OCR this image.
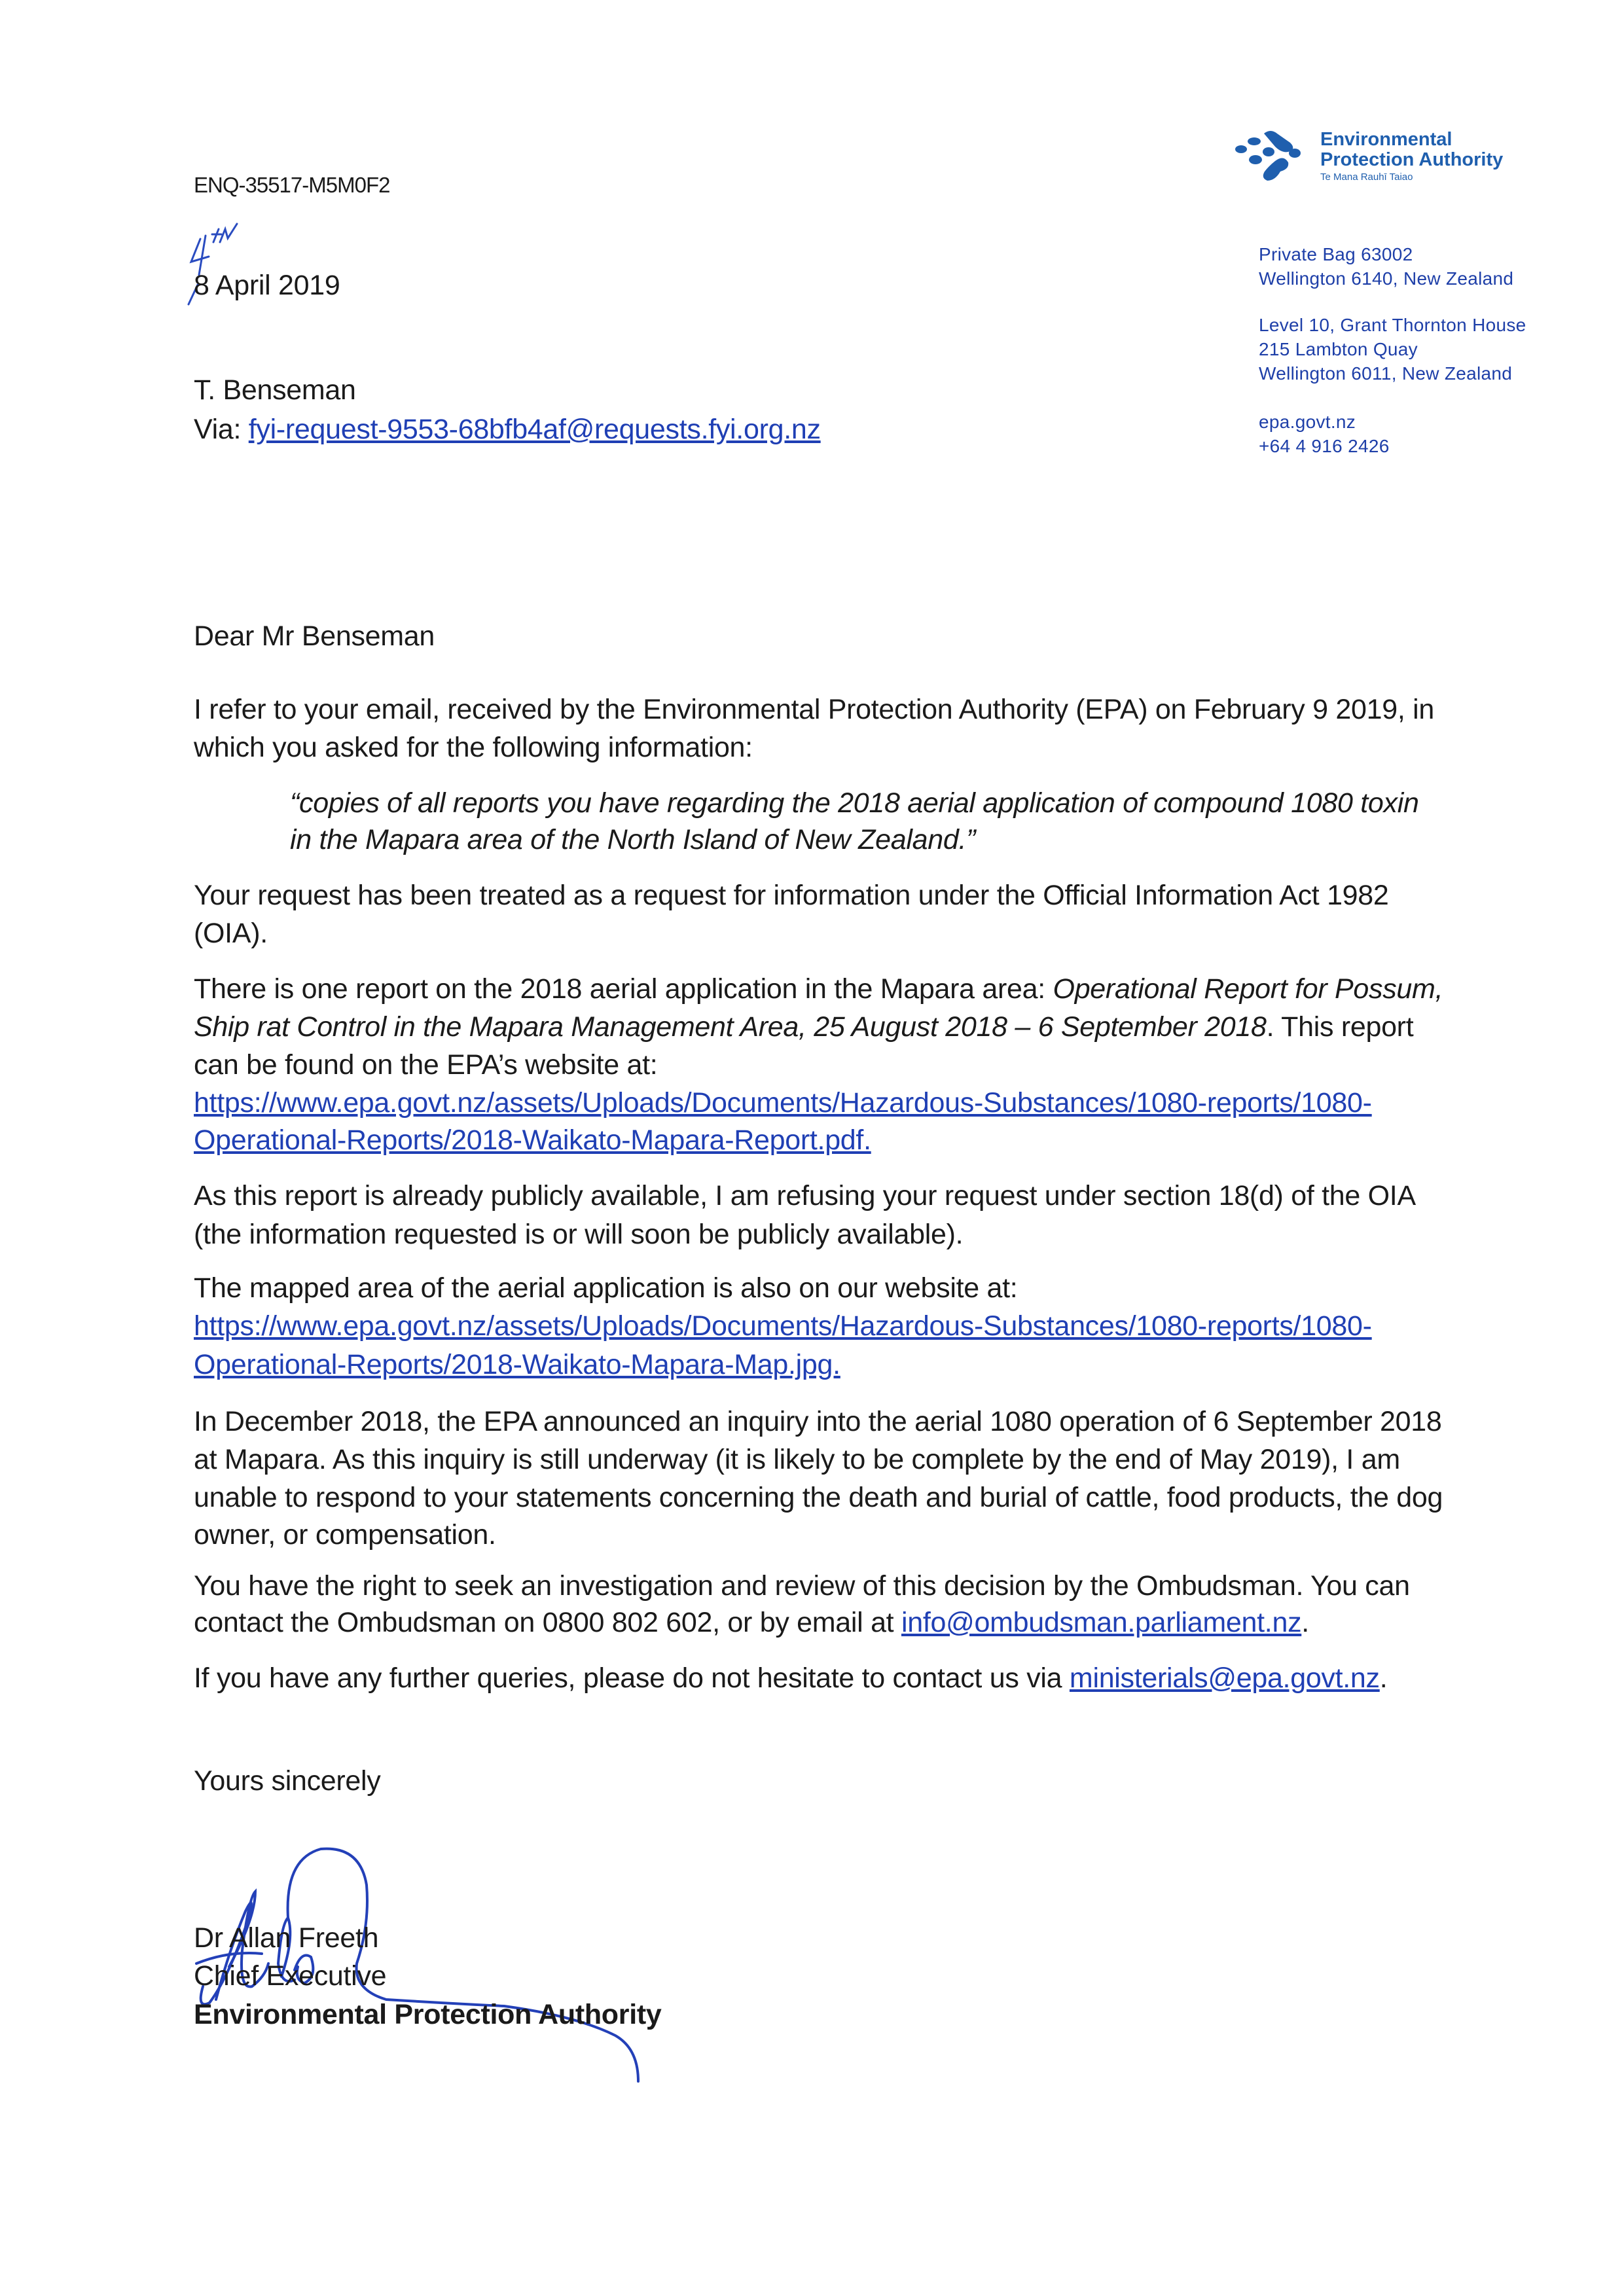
Environmental
Protection Authority
Te Mana Rauhī Taiao
Private Bag 63002
Wellington 6140, New Zealand
Level 10, Grant Thornton House
215 Lambton Quay
Wellington 6011, New Zealand
epa.govt.nz
+64 4 916 2426
ENQ-35517-M5M0F2
8 April 2019
T. Benseman
Via: fyi-request-9553-68bfb4af@requests.fyi.org.nz
Dear Mr Benseman
I refer to your email, received by the Environmental Protection Authority (EPA) on February 9 2019, in
which you asked for the following information:
“copies of all reports you have regarding the 2018 aerial application of compound 1080 toxin
in the Mapara area of the North Island of New Zealand.”
Your request has been treated as a request for information under the Official Information Act 1982
(OIA).
There is one report on the 2018 aerial application in the Mapara area: Operational Report for Possum,
Ship rat Control in the Mapara Management Area, 25 August 2018 – 6 September 2018. This report
can be found on the EPA’s website at:
https://www.epa.govt.nz/assets/Uploads/Documents/Hazardous-Substances/1080-reports/1080-
Operational-Reports/2018-Waikato-Mapara-Report.pdf.
As this report is already publicly available, I am refusing your request under section 18(d) of the OIA
(the information requested is or will soon be publicly available).
The mapped area of the aerial application is also on our website at:
https://www.epa.govt.nz/assets/Uploads/Documents/Hazardous-Substances/1080-reports/1080-
Operational-Reports/2018-Waikato-Mapara-Map.jpg.
In December 2018, the EPA announced an inquiry into the aerial 1080 operation of 6 September 2018
at Mapara. As this inquiry is still underway (it is likely to be complete by the end of May 2019), I am
unable to respond to your statements concerning the death and burial of cattle, food products, the dog
owner, or compensation.
You have the right to seek an investigation and review of this decision by the Ombudsman. You can
contact the Ombudsman on 0800 802 602, or by email at info@ombudsman.parliament.nz.
If you have any further queries, please do not hesitate to contact us via ministerials@epa.govt.nz.
Yours sincerely
Dr Allan Freeth
Chief Executive
Environmental Protection Authority
